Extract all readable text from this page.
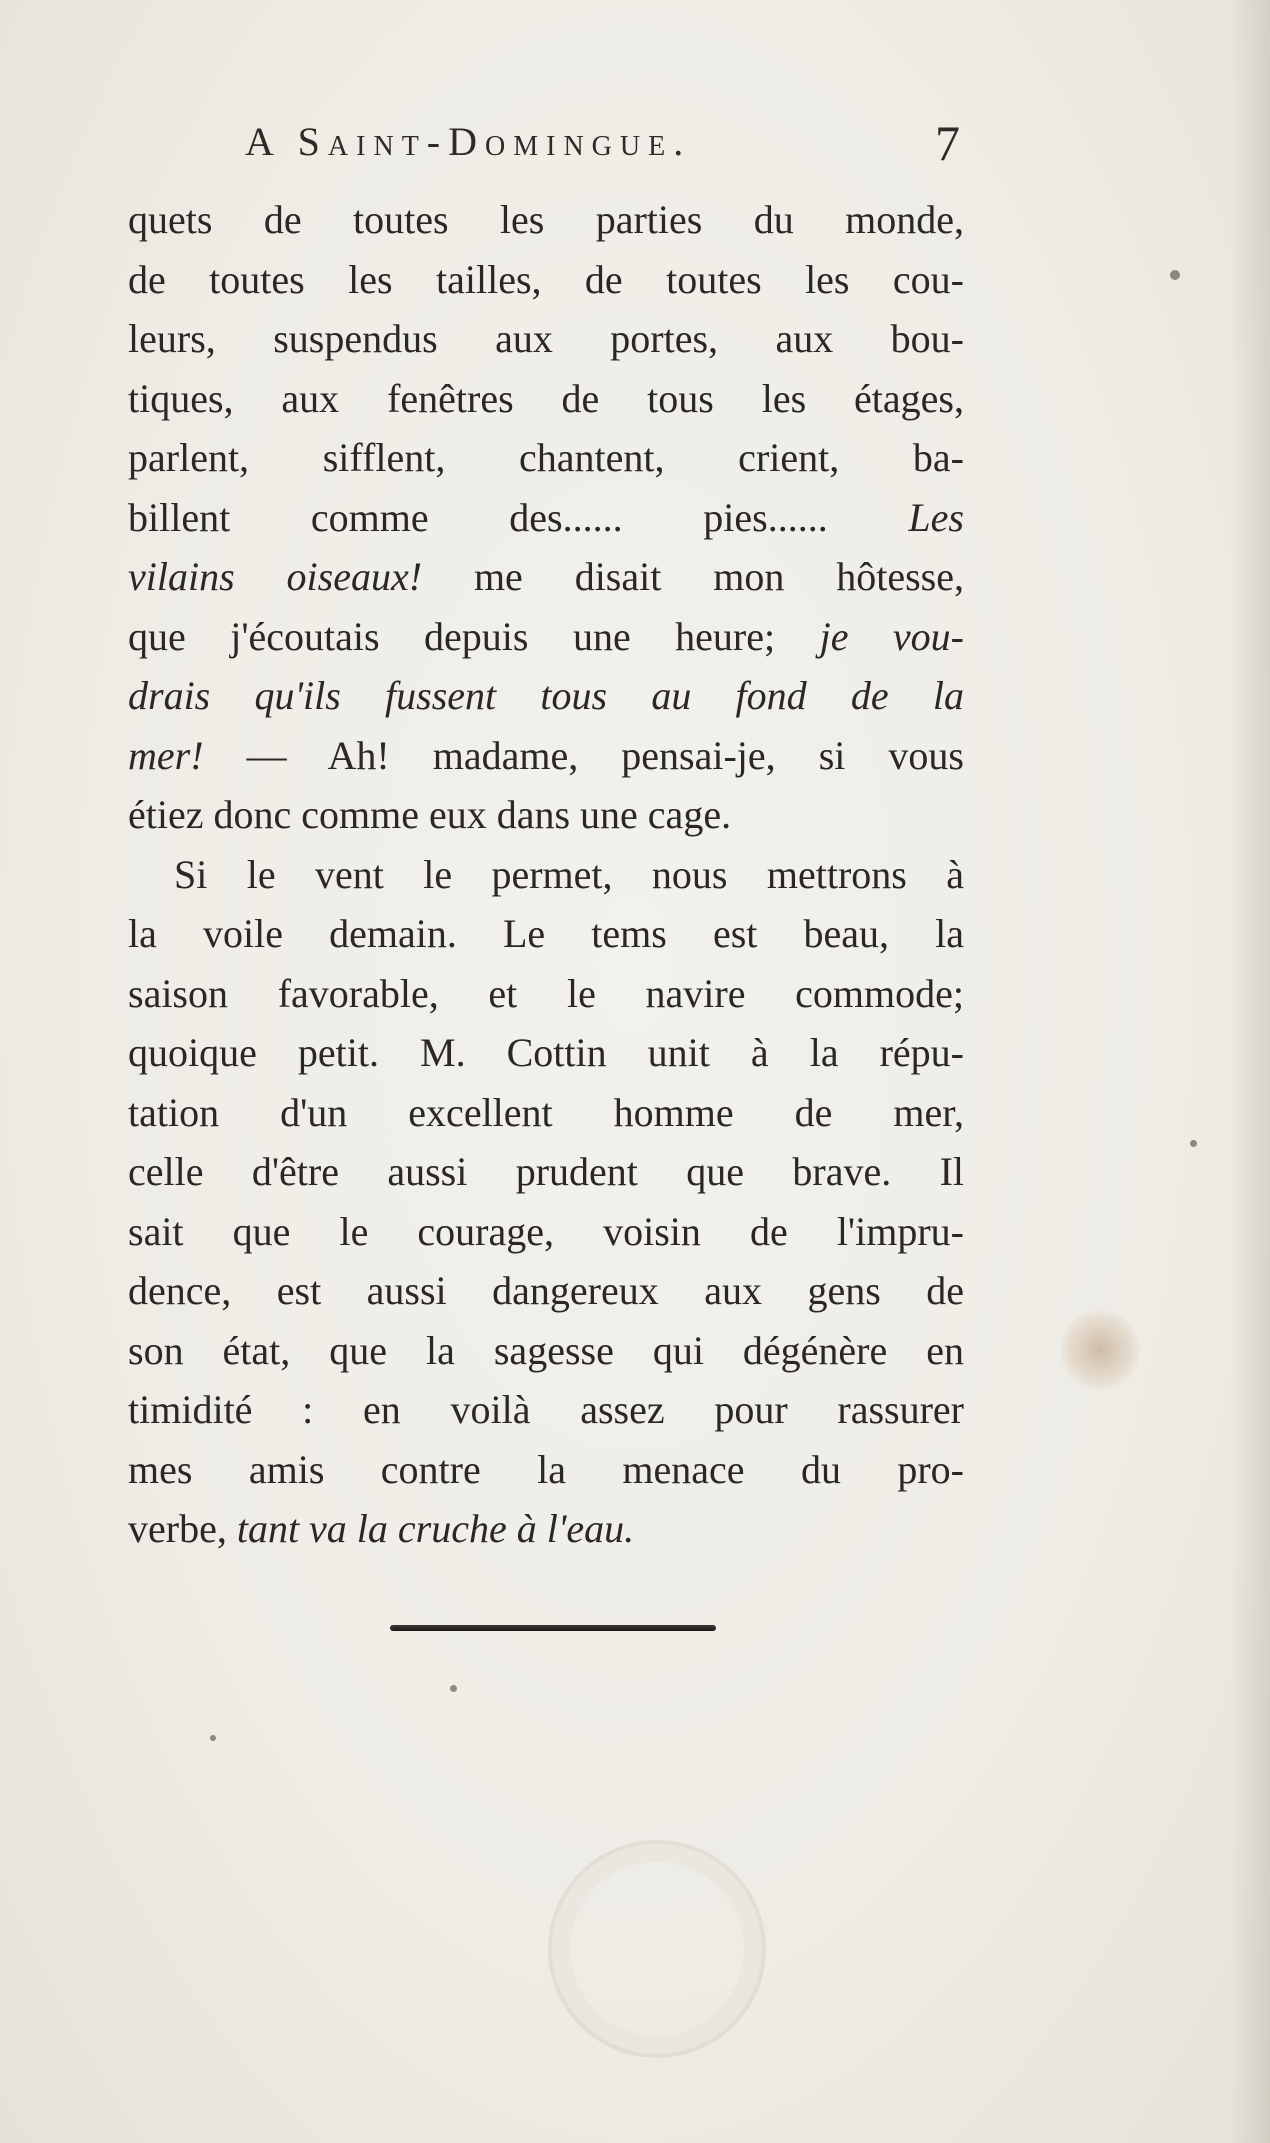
A Saint-Domingue.	7
quets de toutes les parties du monde,
de toutes les tailles, de toutes les cou-
leurs, suspendus aux portes, aux bou-
tiques, aux fenêtres de tous les étages,
parlent, sifflent, chantent, crient, ba-
billent comme des...... pies...... Les
vilains oiseaux! me disait mon hôtesse,
que j'écoutais depuis une heure; je vou-
drais qu'ils fussent tous au fond de la
mer! — Ah! madame, pensai-je, si vous
étiez donc comme eux dans une cage.
Si le vent le permet, nous mettrons à
la voile demain. Le tems est beau, la
saison favorable, et le navire commode;
quoique petit. M. Cottin unit à la répu-
tation d'un excellent homme de mer,
celle d'être aussi prudent que brave. Il
sait que le courage, voisin de l'impru-
dence, est aussi dangereux aux gens de
son état, que la sagesse qui dégénère en
timidité : en voilà assez pour rassurer
mes amis contre la menace du pro-
verbe, tant va la cruche à l'eau.
